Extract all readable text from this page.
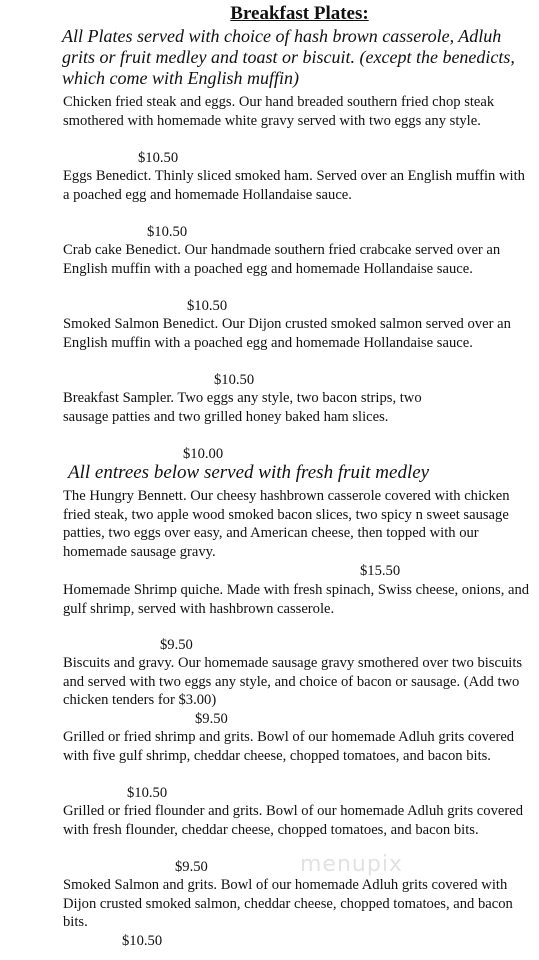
Breakfast Plates:
All Plates served with choice of hash brown casserole, Adluh grits or fruit medley and toast or biscuit. (except the benedicts, which come with English muffin)
Chicken fried steak and eggs. Our hand breaded southern fried chop steak smothered with homemade white gravy served with two eggs any style.
$10.50
Eggs Benedict. Thinly sliced smoked ham. Served over an English muffin with a poached egg and homemade Hollandaise sauce.
$10.50
Crab cake Benedict. Our handmade southern fried crabcake served over an English muffin with a poached egg and homemade Hollandaise sauce.
$10.50
Smoked Salmon Benedict. Our Dijon crusted smoked salmon served over an English muffin with a poached egg and homemade Hollandaise sauce.
$10.50
Breakfast Sampler. Two eggs any style, two bacon strips, two sausage patties and two grilled honey baked ham slices.
$10.00
All entrees below served with fresh fruit medley
The Hungry Bennett. Our cheesy hashbrown casserole covered with chicken fried steak, two apple wood smoked bacon slices, two spicy n sweet sausage patties, two eggs over easy, and American cheese, then topped with our homemade sausage gravy.
$15.50
Homemade Shrimp quiche. Made with fresh spinach, Swiss cheese, onions, and gulf shrimp, served with hashbrown casserole.
$9.50
Biscuits and gravy. Our homemade sausage gravy smothered over two biscuits and served with two eggs any style, and choice of bacon or sausage. (Add two chicken tenders for $3.00)
$9.50
Grilled or fried shrimp and grits. Bowl of our homemade Adluh grits covered with five gulf shrimp, cheddar cheese, chopped tomatoes, and bacon bits.
$10.50
Grilled or fried flounder and grits. Bowl of our homemade Adluh grits covered with fresh flounder, cheddar cheese, chopped tomatoes, and bacon bits.
$9.50
Smoked Salmon and grits. Bowl of our homemade Adluh grits covered with Dijon crusted smoked salmon, cheddar cheese, chopped tomatoes, and bacon bits.
$10.50
menupix
